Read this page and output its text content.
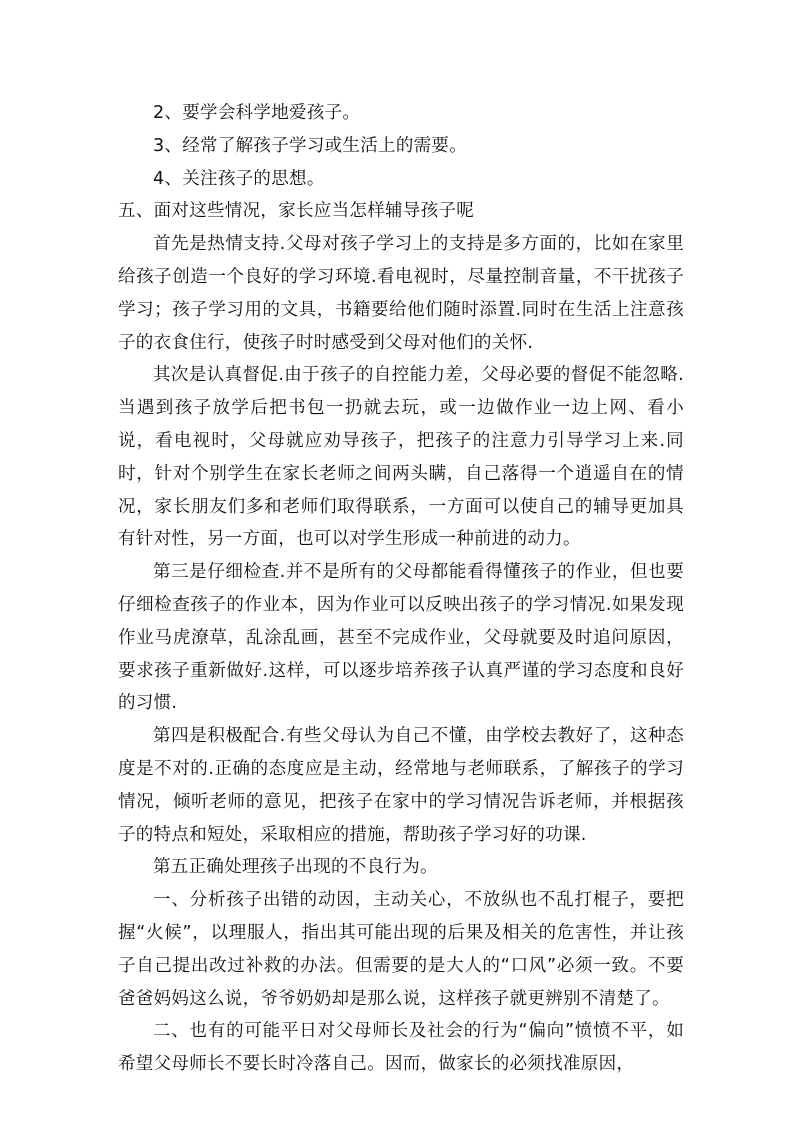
2、要学会科学地爱孩子。

3、经常了解孩子学习或生活上的需要。

4、关注孩子的思想。

五、面对这些情况，家长应当怎样辅导孩子呢

首先是热情支持.父母对孩子学习上的支持是多方面的，比如在家里给孩子创造一个良好的学习环境.看电视时，尽量控制音量，不干扰孩子学习；孩子学习用的文具，书籍要给他们随时添置.同时在生活上注意孩子的衣食住行，使孩子时时感受到父母对他们的关怀.

其次是认真督促.由于孩子的自控能力差，父母必要的督促不能忽略.当遇到孩子放学后把书包一扔就去玩，或一边做作业一边上网、看小说，看电视时，父母就应劝导孩子，把孩子的注意力引导学习上来.同时，针对个别学生在家长老师之间两头瞒，自己落得一个逍遥自在的情况，家长朋友们多和老师们取得联系，一方面可以使自己的辅导更加具有针对性，另一方面，也可以对学生形成一种前进的动力。

第三是仔细检查.并不是所有的父母都能看得懂孩子的作业，但也要仔细检查孩子的作业本，因为作业可以反映出孩子的学习情况.如果发现作业马虎潦草，乱涂乱画，甚至不完成作业，父母就要及时追问原因，要求孩子重新做好.这样，可以逐步培养孩子认真严谨的学习态度和良好的习惯.

第四是积极配合.有些父母认为自己不懂，由学校去教好了，这种态度是不对的.正确的态度应是主动，经常地与老师联系，了解孩子的学习情况，倾听老师的意见，把孩子在家中的学习情况告诉老师，并根据孩子的特点和短处，采取相应的措施，帮助孩子学习好的功课.

第五正确处理孩子出现的不良行为。

一、分析孩子出错的动因，主动关心，不放纵也不乱打棍子，要把握“火候”，以理服人，指出其可能出现的后果及相关的危害性，并让孩子自己提出改过补救的办法。但需要的是大人的“口风”必须一致。不要爸爸妈妈这么说，爷爷奶奶却是那么说，这样孩子就更辨别不清楚了。

二、也有的可能平日对父母师长及社会的行为“偏向”愤愤不平，如希望父母师长不要长时冷落自己。因而，做家长的必须找准原因，
